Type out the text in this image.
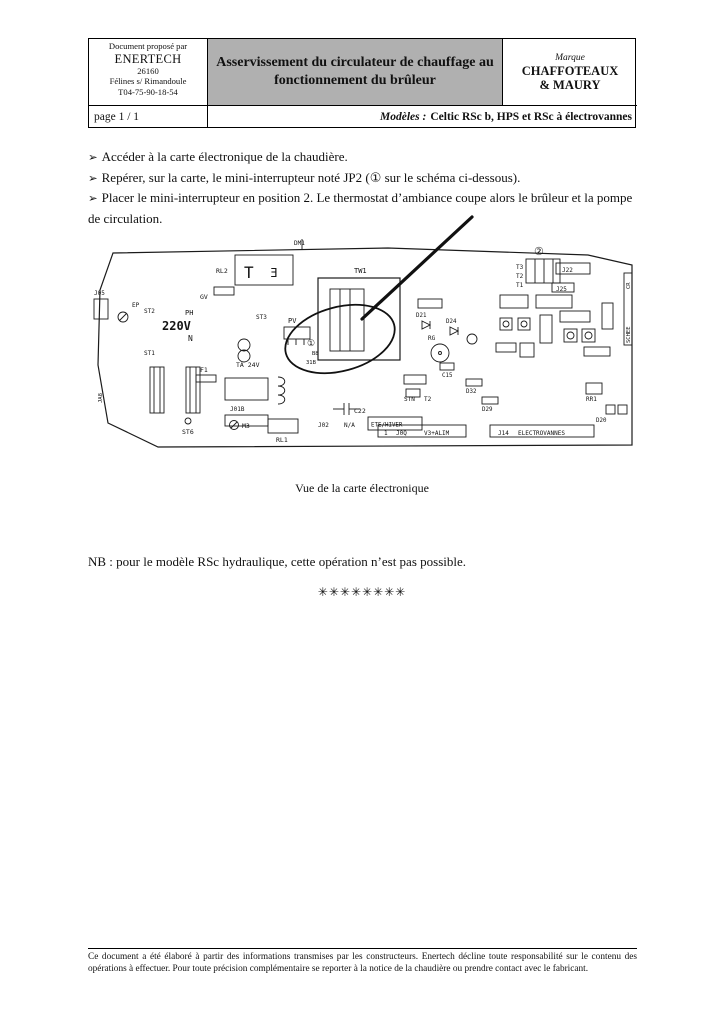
Document proposé par
ENERTECH
26160
Félines s/ Rimandoule
T04-75-90-18-54
Asservissement du circulateur de chauffage au fonctionnement du brûleur
Marque
CHAFFOTEAUX
& MAURY
page 1 / 1	Modèles : Celtic RSc b, HPS et RSc à électrovannes

➢ Accéder à la carte électronique de la chaudière.

➢ Repérer, sur la carte, le mini-interrupteur noté JP2 (① sur le schéma ci-dessous).

➢ Placer le mini-interrupteur en position 2. Le thermostat d’ambiance coupe alors le brûleur et la pompe de circulation.

DM1
RL2 T Ǝ
GV
J05
EP
ST2	PH
220V
N
ST1
ST3	PV
①
B8
31B
TA 24V
TW1
F1
J01B
JA8
ST6
M3
RL1
C22
J02	N/A	ETE/HIVER
STN T2
1 J0Q	V3+ALIM	J14 ELECTROVANNES
T3
T2
T1
J22
J25
D21
D24
RG
C15
D32
D29
RR1
D20
CR
SCHEE
②
Vue de la carte électronique
NB : pour le modèle RSc hydraulique, cette opération n’est pas possible.
✳✳✳✳✳✳✳✳
Ce document a été élaboré à partir des informations transmises par les constructeurs. Enertech décline toute responsabilité sur le contenu des opérations à effectuer. Pour toute précision complémentaire se reporter à la notice de la chaudière ou prendre contact avec le fabricant.
